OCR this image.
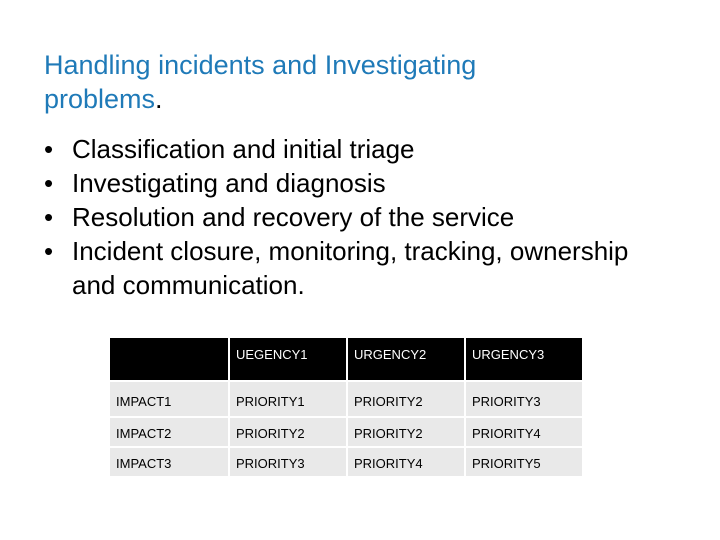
Handling incidents and Investigating
problems.
• Classification and initial triage
• Investigating and diagnosis
• Resolution and recovery of the service
• Incident closure, monitoring, tracking, ownership and communication.
	UEGENCY1	URGENCY2	URGENCY3
IMPACT1	PRIORITY1	PRIORITY2	PRIORITY3
IMPACT2	PRIORITY2	PRIORITY2	PRIORITY4
IMPACT3	PRIORITY3	PRIORITY4	PRIORITY5
